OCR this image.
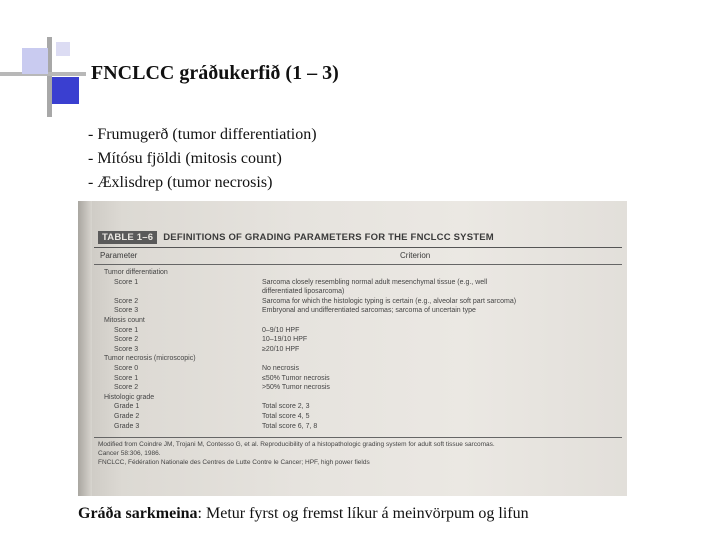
FNCLCC gráðukerfið (1 – 3)
- Frumugerð (tumor differentiation)
- Mítósu fjöldi (mitosis count)
- Æxlisdrep (tumor necrosis)
TABLE 1–6 DEFINITIONS OF GRADING PARAMETERS FOR THE FNCLCC SYSTEM
Parameter	Criterion
Tumor differentiation
Score 1	Sarcoma closely resembling normal adult mesenchymal tissue (e.g., well
differentiated liposarcoma)
Score 2	Sarcoma for which the histologic typing is certain (e.g., alveolar soft part sarcoma)
Score 3	Embryonal and undifferentiated sarcomas; sarcoma of uncertain type
Mitosis count
Score 1	0–9/10 HPF
Score 2	10–19/10 HPF
Score 3	≥20/10 HPF
Tumor necrosis (microscopic)
Score 0	No necrosis
Score 1	≤50% Tumor necrosis
Score 2	>50% Tumor necrosis
Histologic grade
Grade 1	Total score 2, 3
Grade 2	Total score 4, 5
Grade 3	Total score 6, 7, 8
Modified from Coindre JM, Trojani M, Contesso G, et al. Reproducibility of a histopathologic grading system for adult soft tissue sarcomas.
Cancer 58:306, 1986.
FNCLCC, Fédération Nationale des Centres de Lutte Contre le Cancer; HPF, high power fields
Gráða sarkmeina: Metur fyrst og fremst líkur á meinvörpum og lifun
